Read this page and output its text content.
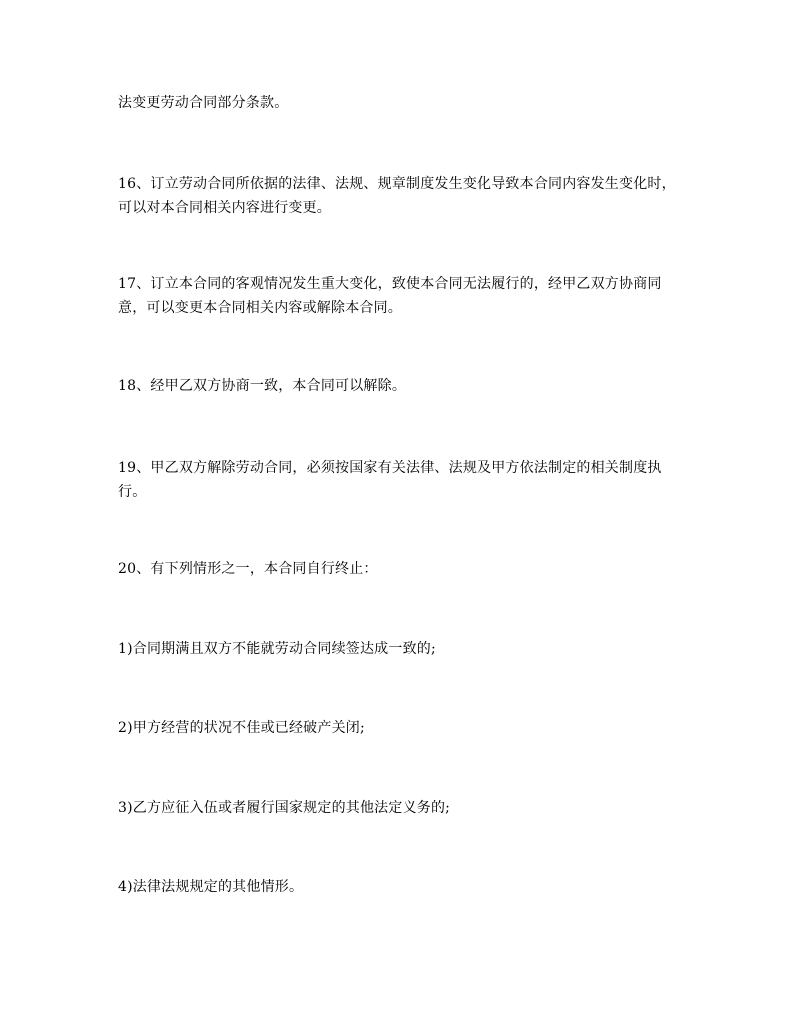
法变更劳动合同部分条款。

16、订立劳动合同所依据的法律、法规、规章制度发生变化导致本合同内容发生变化时，可以对本合同相关内容进行变更。

17、订立本合同的客观情况发生重大变化，致使本合同无法履行的，经甲乙双方协商同意，可以变更本合同相关内容或解除本合同。

18、经甲乙双方协商一致，本合同可以解除。

19、甲乙双方解除劳动合同，必须按国家有关法律、法规及甲方依法制定的相关制度执行。

20、有下列情形之一，本合同自行终止：

1)合同期满且双方不能就劳动合同续签达成一致的;

2)甲方经营的状况不佳或已经破产关闭;

3)乙方应征入伍或者履行国家规定的其他法定义务的;

4)法律法规规定的其他情形。
